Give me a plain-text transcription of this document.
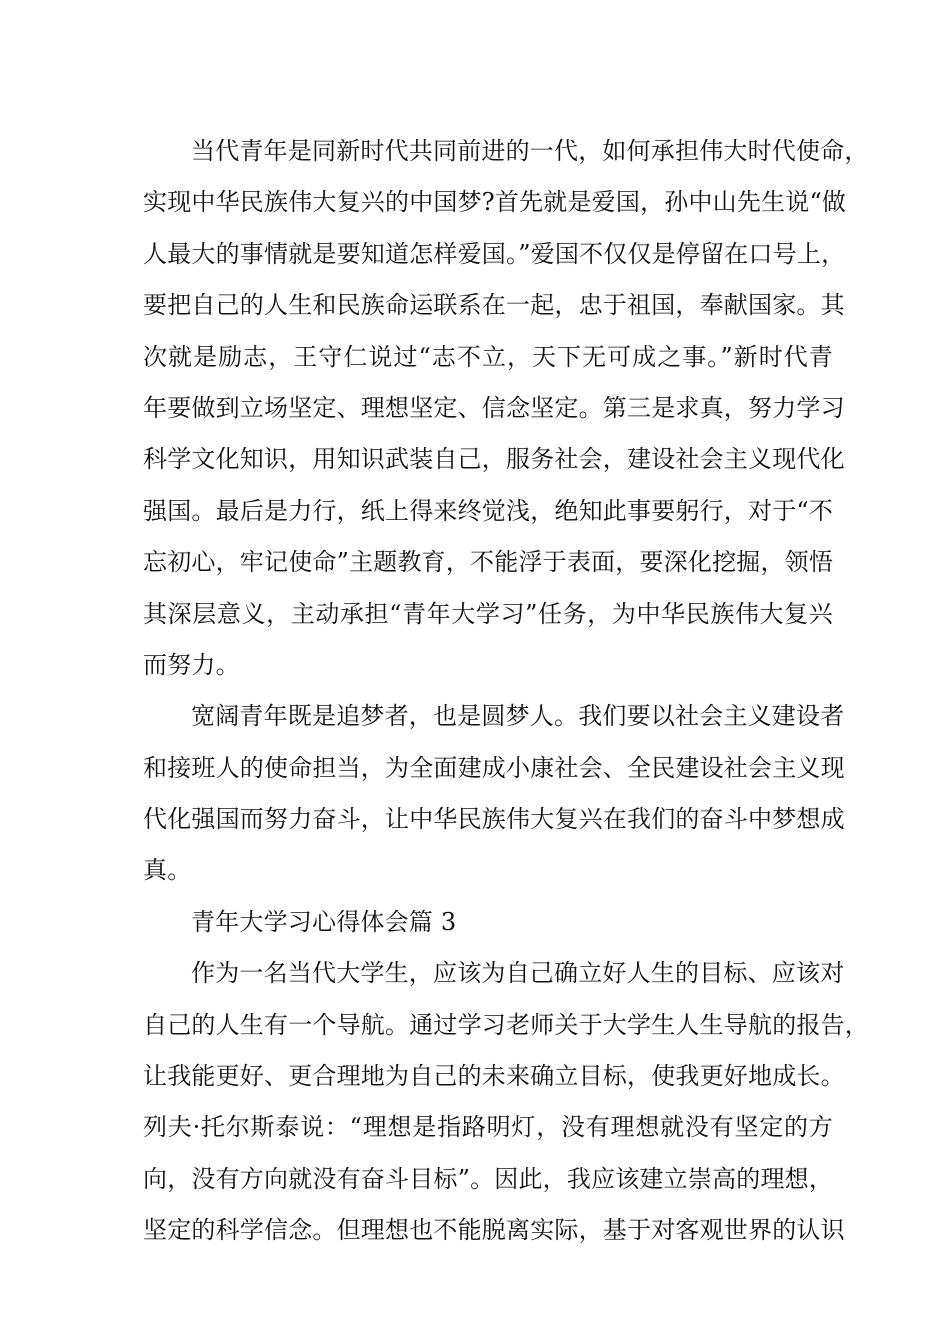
当代青年是同新时代共同前进的一代，如何承担伟大时代使命，
实现中华民族伟大复兴的中国梦?首先就是爱国，孙中山先生说“做
人最大的事情就是要知道怎样爱国。”爱国不仅仅是停留在口号上，
要把自己的人生和民族命运联系在一起，忠于祖国，奉献国家。其
次就是励志，王守仁说过“志不立，天下无可成之事。”新时代青
年要做到立场坚定、理想坚定、信念坚定。第三是求真，努力学习
科学文化知识，用知识武装自己，服务社会，建设社会主义现代化
强国。最后是力行，纸上得来终觉浅，绝知此事要躬行，对于“不
忘初心，牢记使命”主题教育，不能浮于表面，要深化挖掘，领悟
其深层意义，主动承担“青年大学习”任务，为中华民族伟大复兴
而努力。
宽阔青年既是追梦者，也是圆梦人。我们要以社会主义建设者
和接班人的使命担当，为全面建成小康社会、全民建设社会主义现
代化强国而努力奋斗，让中华民族伟大复兴在我们的奋斗中梦想成
真。
青年大学习心得体会篇 3
作为一名当代大学生，应该为自己确立好人生的目标、应该对
自己的人生有一个导航。通过学习老师关于大学生人生导航的报告，
让我能更好、更合理地为自己的未来确立目标，使我更好地成长。
列夫·托尔斯泰说：“理想是指路明灯，没有理想就没有坚定的方
向，没有方向就没有奋斗目标”。因此，我应该建立崇高的理想，
坚定的科学信念。但理想也不能脱离实际，基于对客观世界的认识
